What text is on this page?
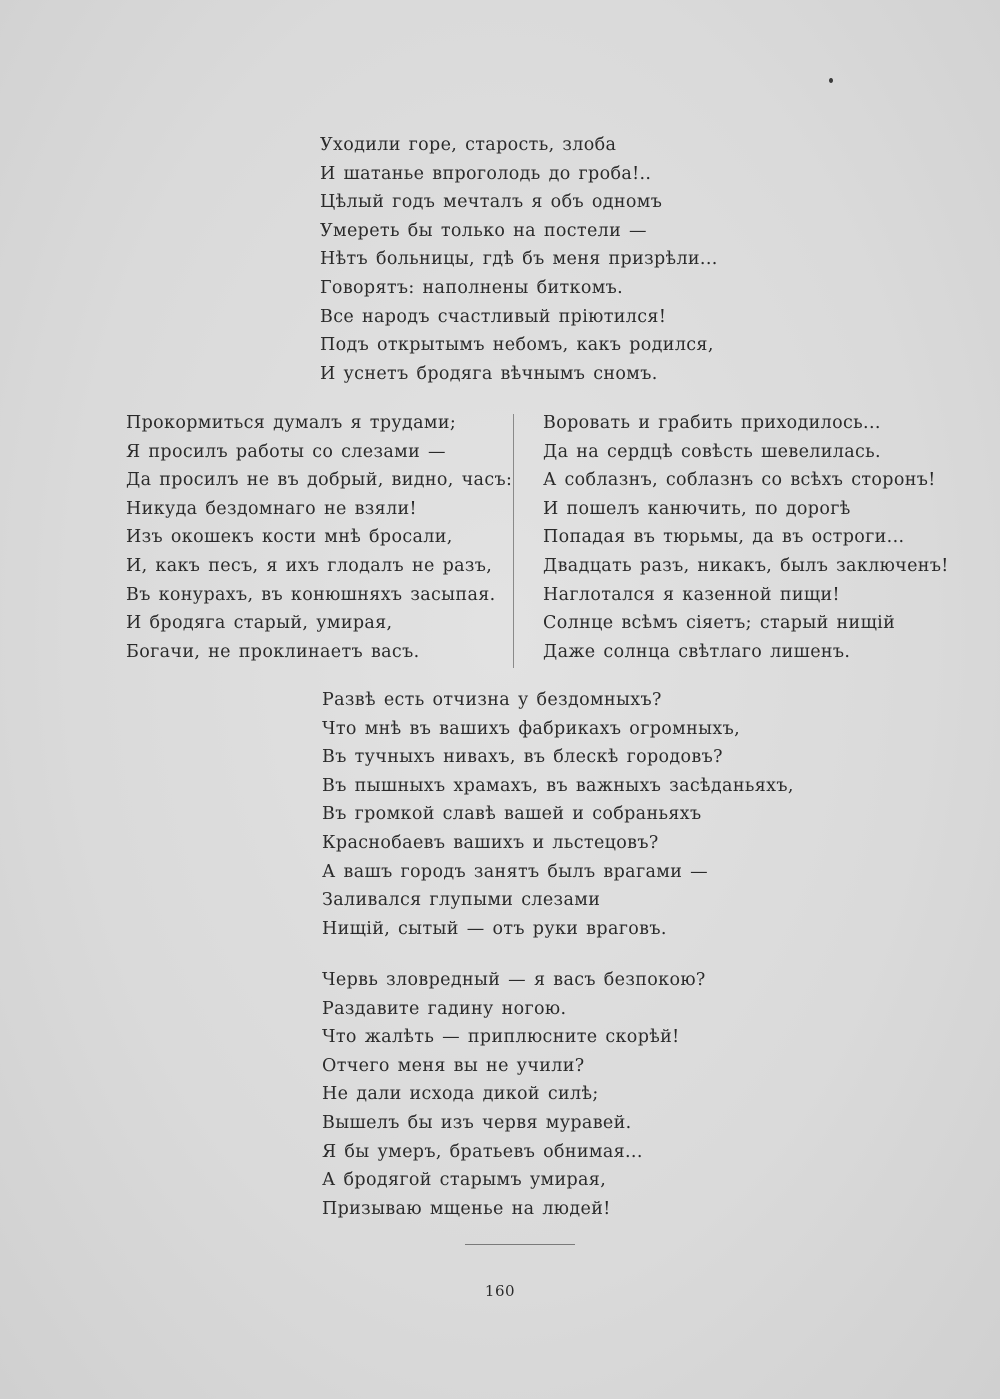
Уходили горе, старость, злоба
И шатанье впроголодь до гроба!..
Цѣлый годъ мечталъ я объ одномъ
Умереть бы только на постели —
Нѣтъ больницы, гдѣ бъ меня призрѣли...
Говорятъ: наполнены биткомъ.
Все народъ счастливый пріютился!
Подъ открытымъ небомъ, какъ родился,
И уснетъ бродяга вѣчнымъ сномъ.
Прокормиться думалъ я трудами;
Я просилъ работы со слезами —
Да просилъ не въ добрый, видно, часъ:
Никуда бездомнаго не взяли!
Изъ окошекъ кости мнѣ бросали,
И, какъ песъ, я ихъ глодалъ не разъ,
Въ конурахъ, въ конюшняхъ засыпая.
И бродяга старый, умирая,
Богачи, не проклинаетъ васъ.
Воровать и грабить приходилось...
Да на сердцѣ совѣсть шевелилась.
А соблазнъ, соблазнъ со всѣхъ сторонъ!
И пошелъ канючить, по дорогѣ
Попадая въ тюрьмы, да въ остроги...
Двадцать разъ, никакъ, былъ заключенъ!
Наглотался я казенной пищи!
Солнце всѣмъ сіяетъ; старый нищій
Даже солнца свѣтлаго лишенъ.
Развѣ есть отчизна у бездомныхъ?
Что мнѣ въ вашихъ фабрикахъ огромныхъ,
Въ тучныхъ нивахъ, въ блескѣ городовъ?
Въ пышныхъ храмахъ, въ важныхъ засѣданьяхъ,
Въ громкой славѣ вашей и собраньяхъ
Краснобаевъ вашихъ и льстецовъ?
А вашъ городъ занятъ былъ врагами —
Заливался глупыми слезами
Нищій, сытый — отъ руки враговъ.
Червь зловредный — я васъ безпокою?
Раздавите гадину ногою.
Что жалѣть — приплюсните скорѣй!
Отчего меня вы не учили?
Не дали исхода дикой силѣ;
Вышелъ бы изъ червя муравей.
Я бы умеръ, братьевъ обнимая...
А бродягой старымъ умирая,
Призываю мщенье на людей!
160
